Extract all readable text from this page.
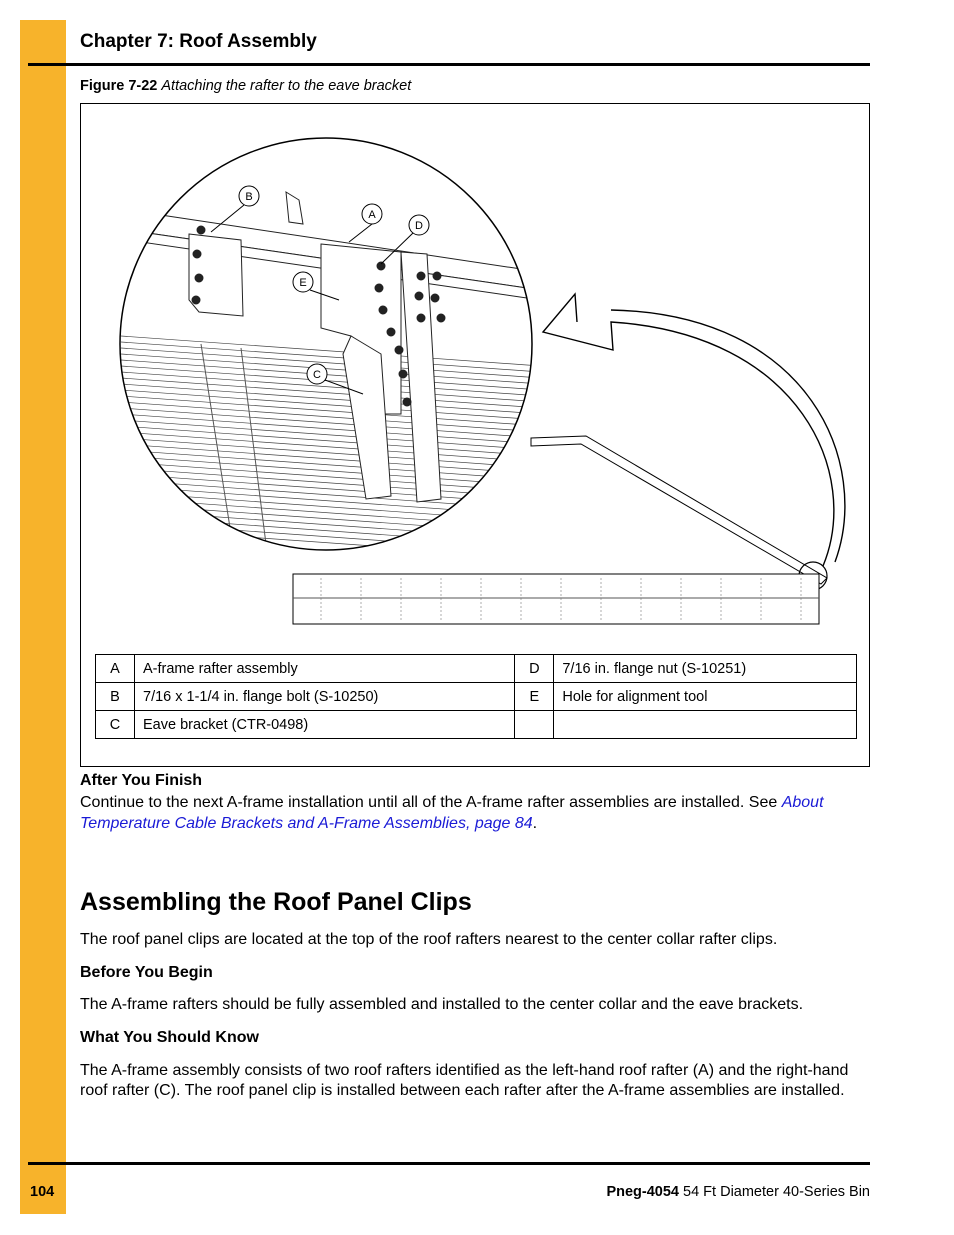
Chapter 7: Roof Assembly
Figure 7-22 Attaching the rafter to the eave bracket
B
A
D
E
C
A	A-frame rafter assembly	D	7/16 in. flange nut (S-10251)
B	7/16 x 1-1/4 in. flange bolt (S-10250)	E	Hole for alignment tool
C	Eave bracket (CTR-0498)		
After You Finish
Continue to the next A-frame installation until all of the A-frame rafter assemblies are installed. See About Temperature Cable Brackets and A-Frame Assemblies, page 84.
Assembling the Roof Panel Clips
The roof panel clips are located at the top of the roof rafters nearest to the center collar rafter clips.
Before You Begin
The A-frame rafters should be fully assembled and installed to the center collar and the eave brackets.
What You Should Know
The A-frame assembly consists of two roof rafters identified as the left-hand roof rafter (A) and the right-hand roof rafter (C). The roof panel clip is installed between each rafter after the A-frame assemblies are installed.
104	Pneg-4054 54 Ft Diameter 40-Series Bin
